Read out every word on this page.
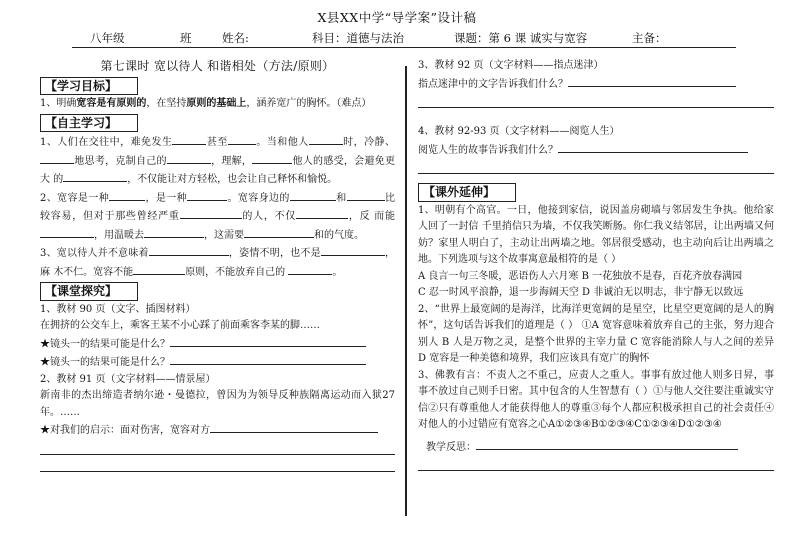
X县XX中学“导学案”设计稿
八年级	班	姓名:	科目：道德与法治	课题：第 6 课 诚实与宽容	主备：
第七课时 宽以待人 和谐相处（方法/原则）
【学习目标】

1、明确宽容是有原则的，在坚持原则的基础上，涵养宽广的胸怀。（难点）

【自主学习】

1、人们在交往中，难免发生	甚至	。当和他人	时，冷静、 地思考，克制自己的	，理解，	他人的感受，会避免更大 的	，不仅能让对方轻松，也会让自己释怀和愉悦。

2、宽容是一种	，是一种	。宽容身边的	和	比 较容易，但对于那些曾经严重	的人，不仅	，反 而能，用温暖去	，这需要	和的气度。

3、宽以待人并不意味着	，姿情不明，也不是	，麻 木不仁。宽容不能	原则，不能放弃自己的	。

【课堂探究】

1、教材 90 页（文字、插图材料）

在拥挤的公交车上，乘客王某不小心踩了前面乘客李某的脚……

★镜头一的结果可能是什么？

★镜头一的结果可能是什么？

2、教材 91 页（文字材料——情景屋）

新南非的杰出缔造者纳尔逊・曼德拉，曾因为为领导反种族隔离运动而入狱27年。……

★对我们的启示：面对伤害，宽容对方

3、教材 92 页（文字材料——指点迷津）

指点迷津中的文字告诉我们什么？

4、教材 92-93 页（文字材料——阅览人生）

阅览人生的故事告诉我们什么？

【课外延伸】

1、明朝有个高官。一日，他接到家信，说因盖房砌墙与邻居发生争执。他给家人回了一封信 千里捎信只为墙，不仅我笑断肠。你仁我义结邻居，让出两墙又何妨？家里人明白了，主动让出两墙之地。邻居很受感动，也主动向后让出两墙之地。下列选项与这个故事寓意最相符的是（ ）

A 良言一句三冬暖，恶语伤人六月寒 B 一花独放不是春，百花齐放春满园

C 忍一时风平浪静，退一步海阔天空 D 非诚泊无以明志，非宁静无以致远

2、“世界上最宽阔的是海洋，比海洋更宽阔的是星空，比星空更宽阔的是人的胸怀”，这句话告诉我们的道理是（ ） ①A 宽容意味着放弃自己的主张，努力迎合别人 B 人是万物之灵，是整个世界的主宰力量 C 宽容能消除人与人之间的差异 D 宽容是一种美德和境界，我们应该具有宽广的胸怀

3、佛教有言：不责人之不重己，应责人之重人。事事有放过他人则多日昇，事事不放过自己则手日密。其中包含的人生智慧有（ ）①与他人交往要注重诚实守信②只有尊重他人才能获得他人的尊重③每个人都应积极承担自己的社会责任④对他人的小过错应有宽容之心A①②③④B①②③④C①②③④D①②③④

教学反思：
